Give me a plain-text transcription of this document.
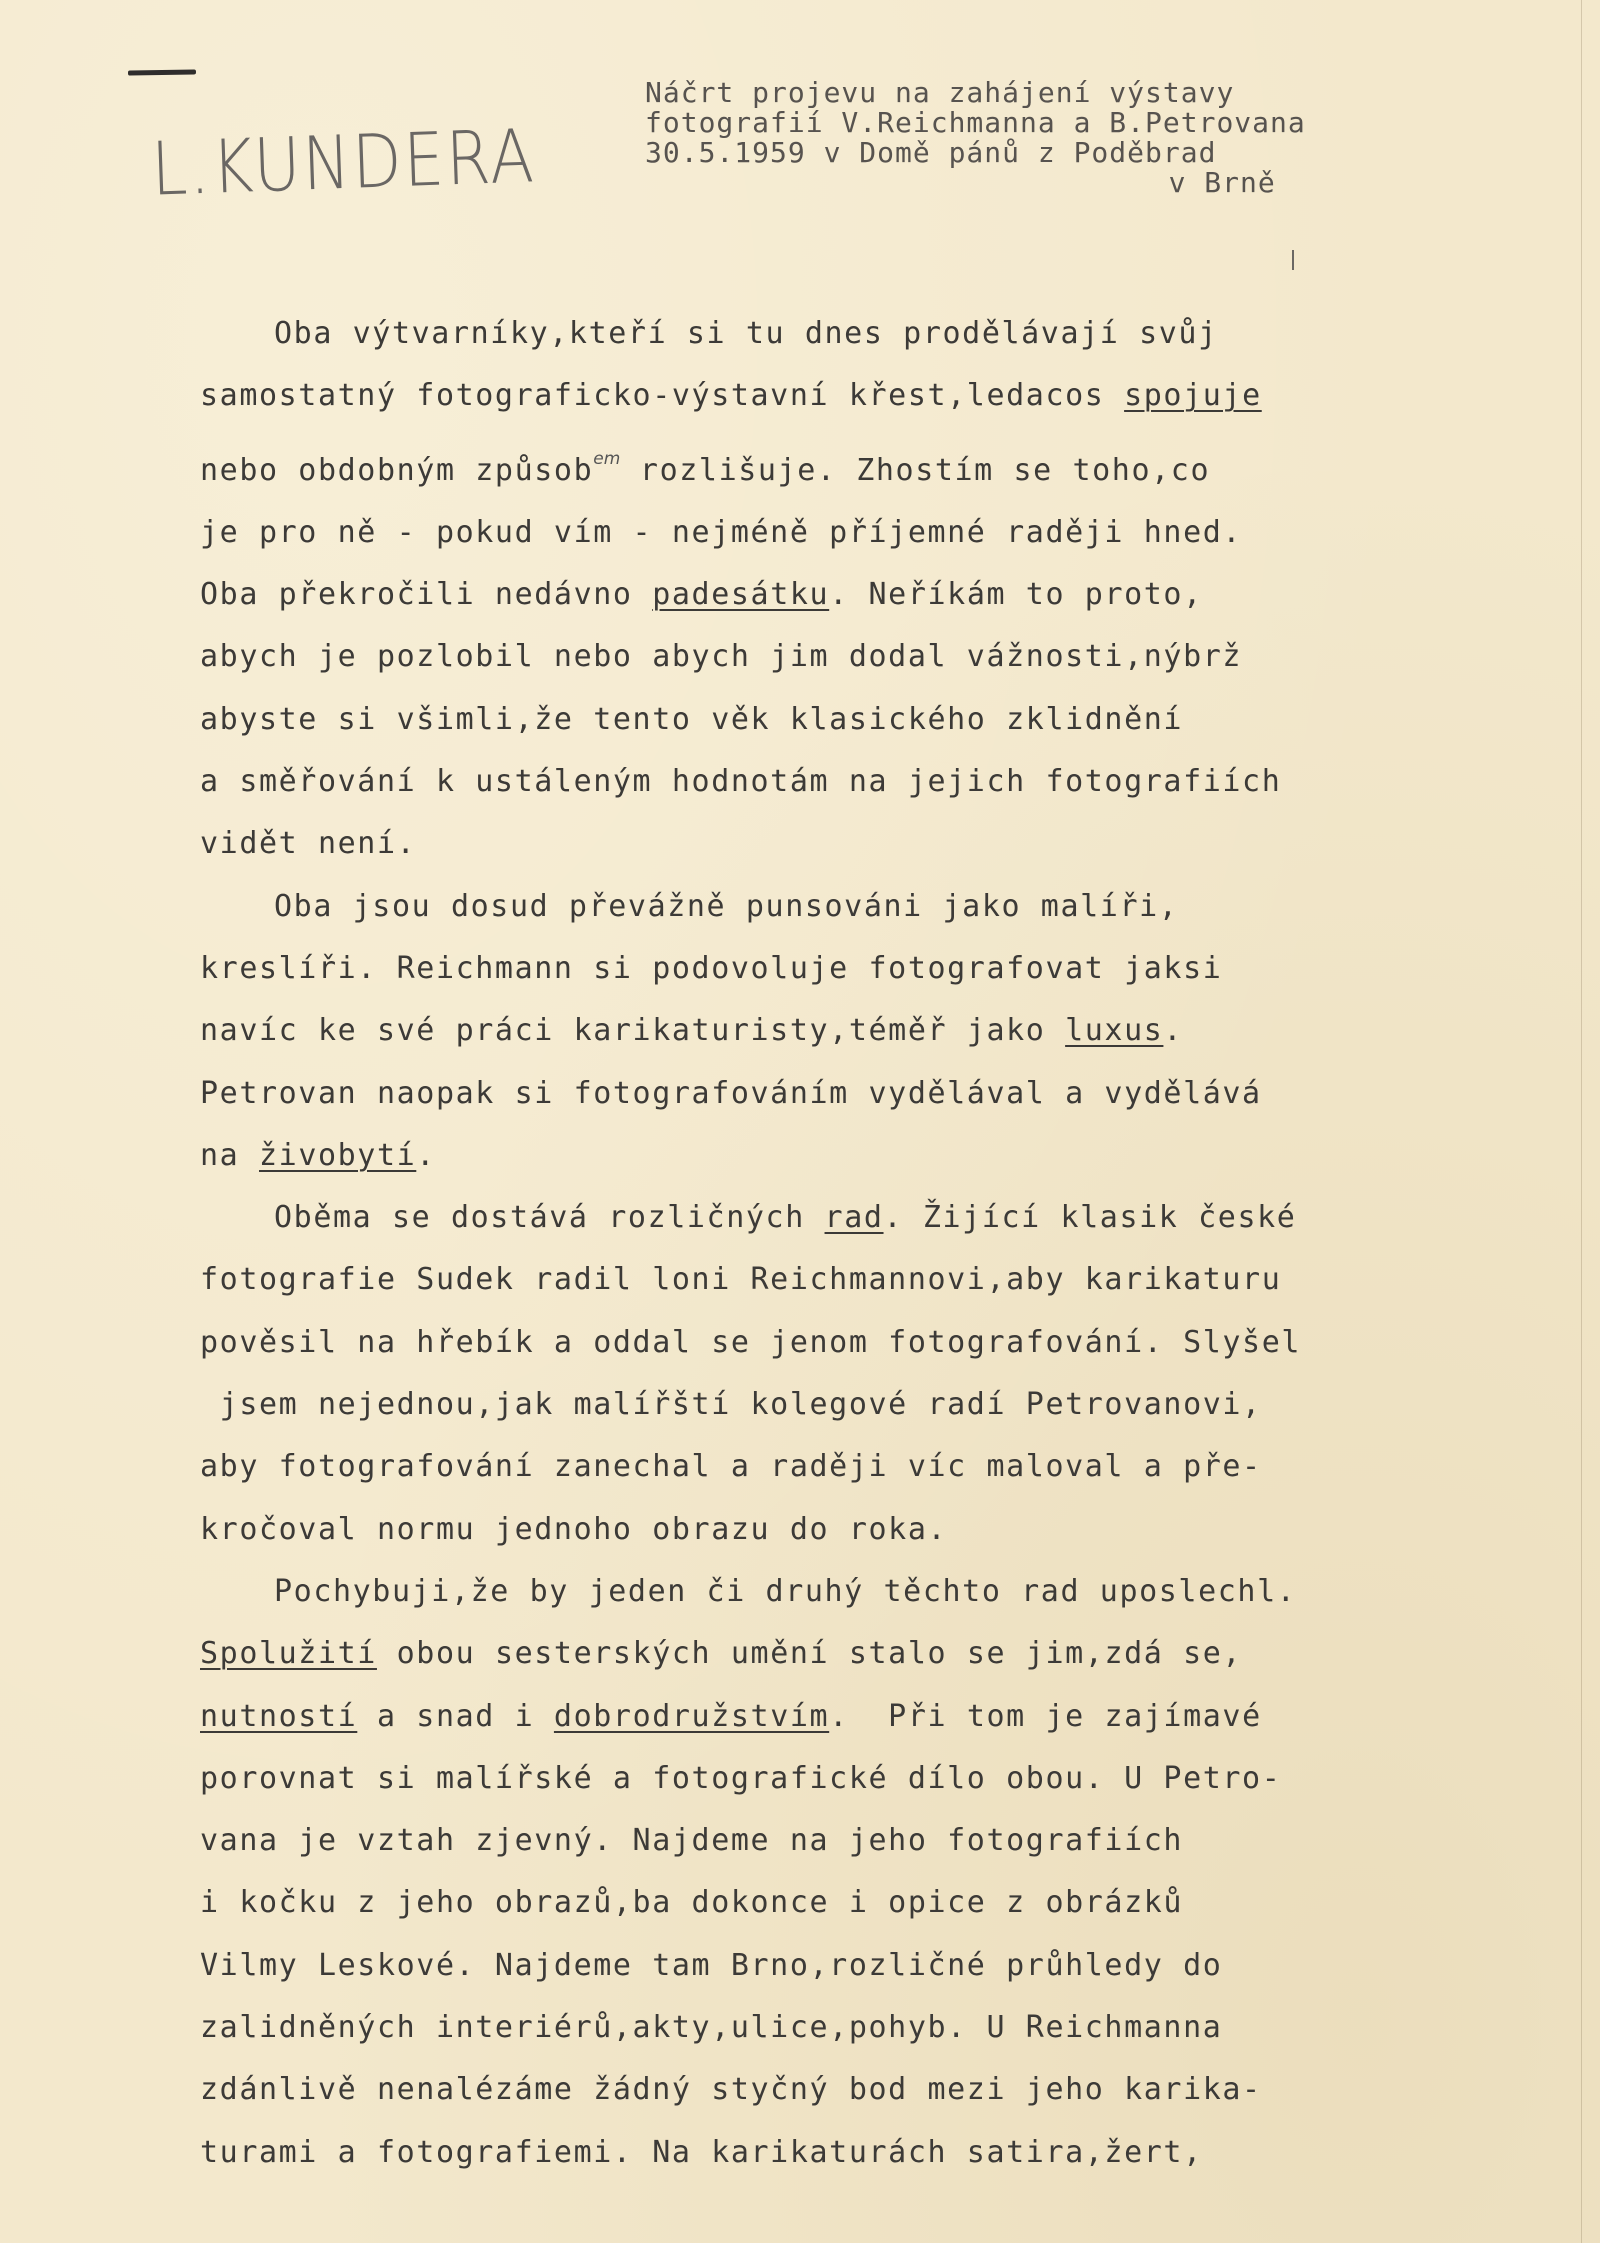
L.KUNDERA
Náčrt projevu na zahájení výstavy
fotografií V.Reichmanna a B.Petrovana
30.5.1959 v Domě pánů z Poděbrad
v Brně
Oba výtvarníky,kteří si tu dnes prodělávají svůj
samostatný fotograficko-výstavní křest,ledacos spojuje
nebo obdobným způsob$^{em}$ rozlišuje. Zhostím se toho,co
je pro ně - pokud vím - nejméně příjemné raději hned.
Oba překročili nedávno padesátku. Neříkám to proto,
abych je pozlobil nebo abych jim dodal vážnosti,nýbrž
abyste si všimli,že tento věk klasického zklidnění
a směřování k ustáleným hodnotám na jejich fotografiích
vidět není.
Oba jsou dosud převážně punsováni jako malíři,
kreslíři. Reichmann si podovoluje fotografovat jaksi
navíc ke své práci karikaturisty,téměř jako luxus.
Petrovan naopak si fotografováním vydělával a vydělává
na živobytí.
Oběma se dostává rozličných rad. Žijící klasik české
fotografie Sudek radil loni Reichmannovi,aby karikaturu
pověsil na hřebík a oddal se jenom fotografování. Slyšel
jsem nejednou,jak malířští kolegové radí Petrovanovi,
aby fotografování zanechal a raději víc maloval a pře-
kročoval normu jednoho obrazu do roka.
Pochybuji,že by jeden či druhý těchto rad uposlechl.
Spolužití obou sesterských umění stalo se jim,zdá se,
nutností a snad i dobrodružstvím.  Při tom je zajímavé
porovnat si malířské a fotografické dílo obou. U Petro-
vana je vztah zjevný. Najdeme na jeho fotografiích
i kočku z jeho obrazů,ba dokonce i opice z obrázků
Vilmy Leskové. Najdeme tam Brno,rozličné průhledy do
zalidněných interiérů,akty,ulice,pohyb. U Reichmanna
zdánlivě nenalézáme žádný styčný bod mezi jeho karika-
turami a fotografiemi. Na karikaturách satira,žert,
